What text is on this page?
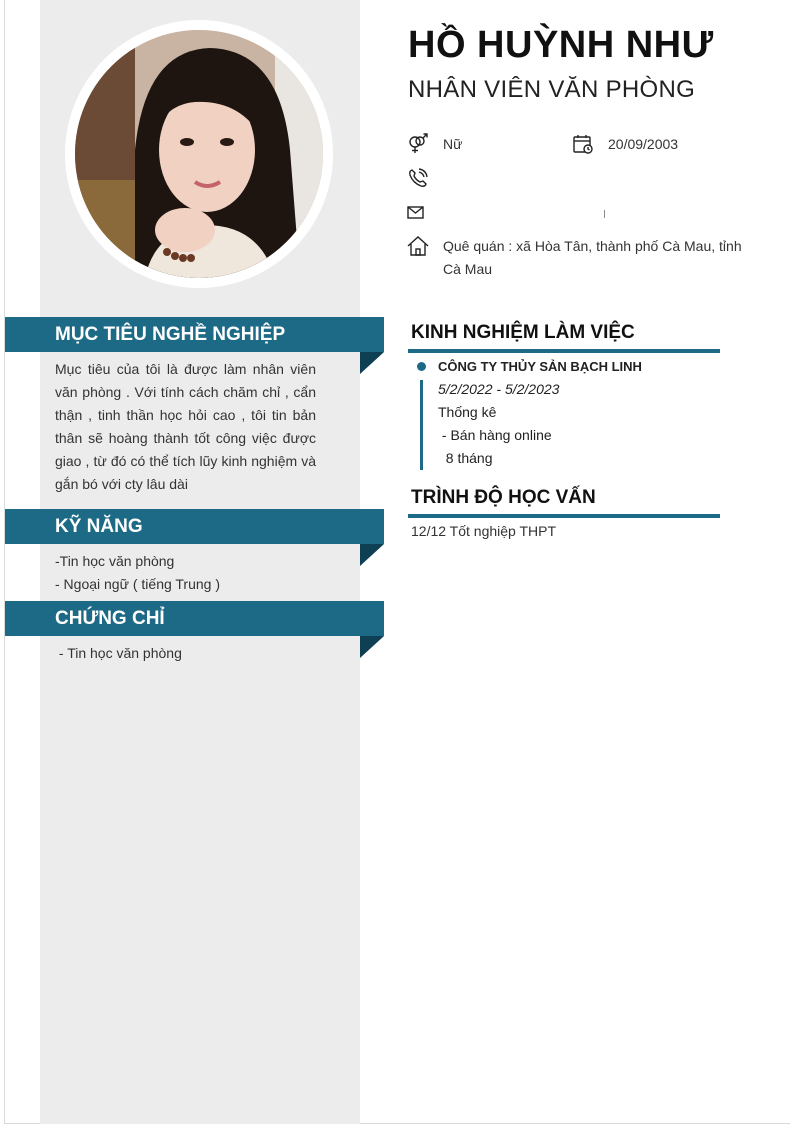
MỤC TIÊU NGHỀ NGHIỆP
Mục tiêu của tôi là được làm nhân viên văn phòng . Với tính cách chăm chỉ , cẩn thận , tinh thần học hỏi cao , tôi tin bản thân sẽ hoàng thành tốt công việc được giao , từ đó có thể tích lũy kinh nghiệm và gắn bó với cty lâu dài
KỸ NĂNG
-Tin học văn phòng
- Ngoại ngữ ( tiếng Trung )
CHỨNG CHỈ
- Tin học văn phòng
HỒ HUỲNH NHƯ
NHÂN VIÊN VĂN PHÒNG
Nữ	20/09/2003
Quê quán : xã Hòa Tân, thành phố Cà Mau, tỉnh Cà Mau
KINH NGHIỆM LÀM VIỆC
CÔNG TY THỦY SẢN BẠCH LINH
5/2/2022 - 5/2/2023
Thống kê
- Bán hàng online
8 tháng
TRÌNH ĐỘ HỌC VẤN
12/12 Tốt nghiệp THPT
